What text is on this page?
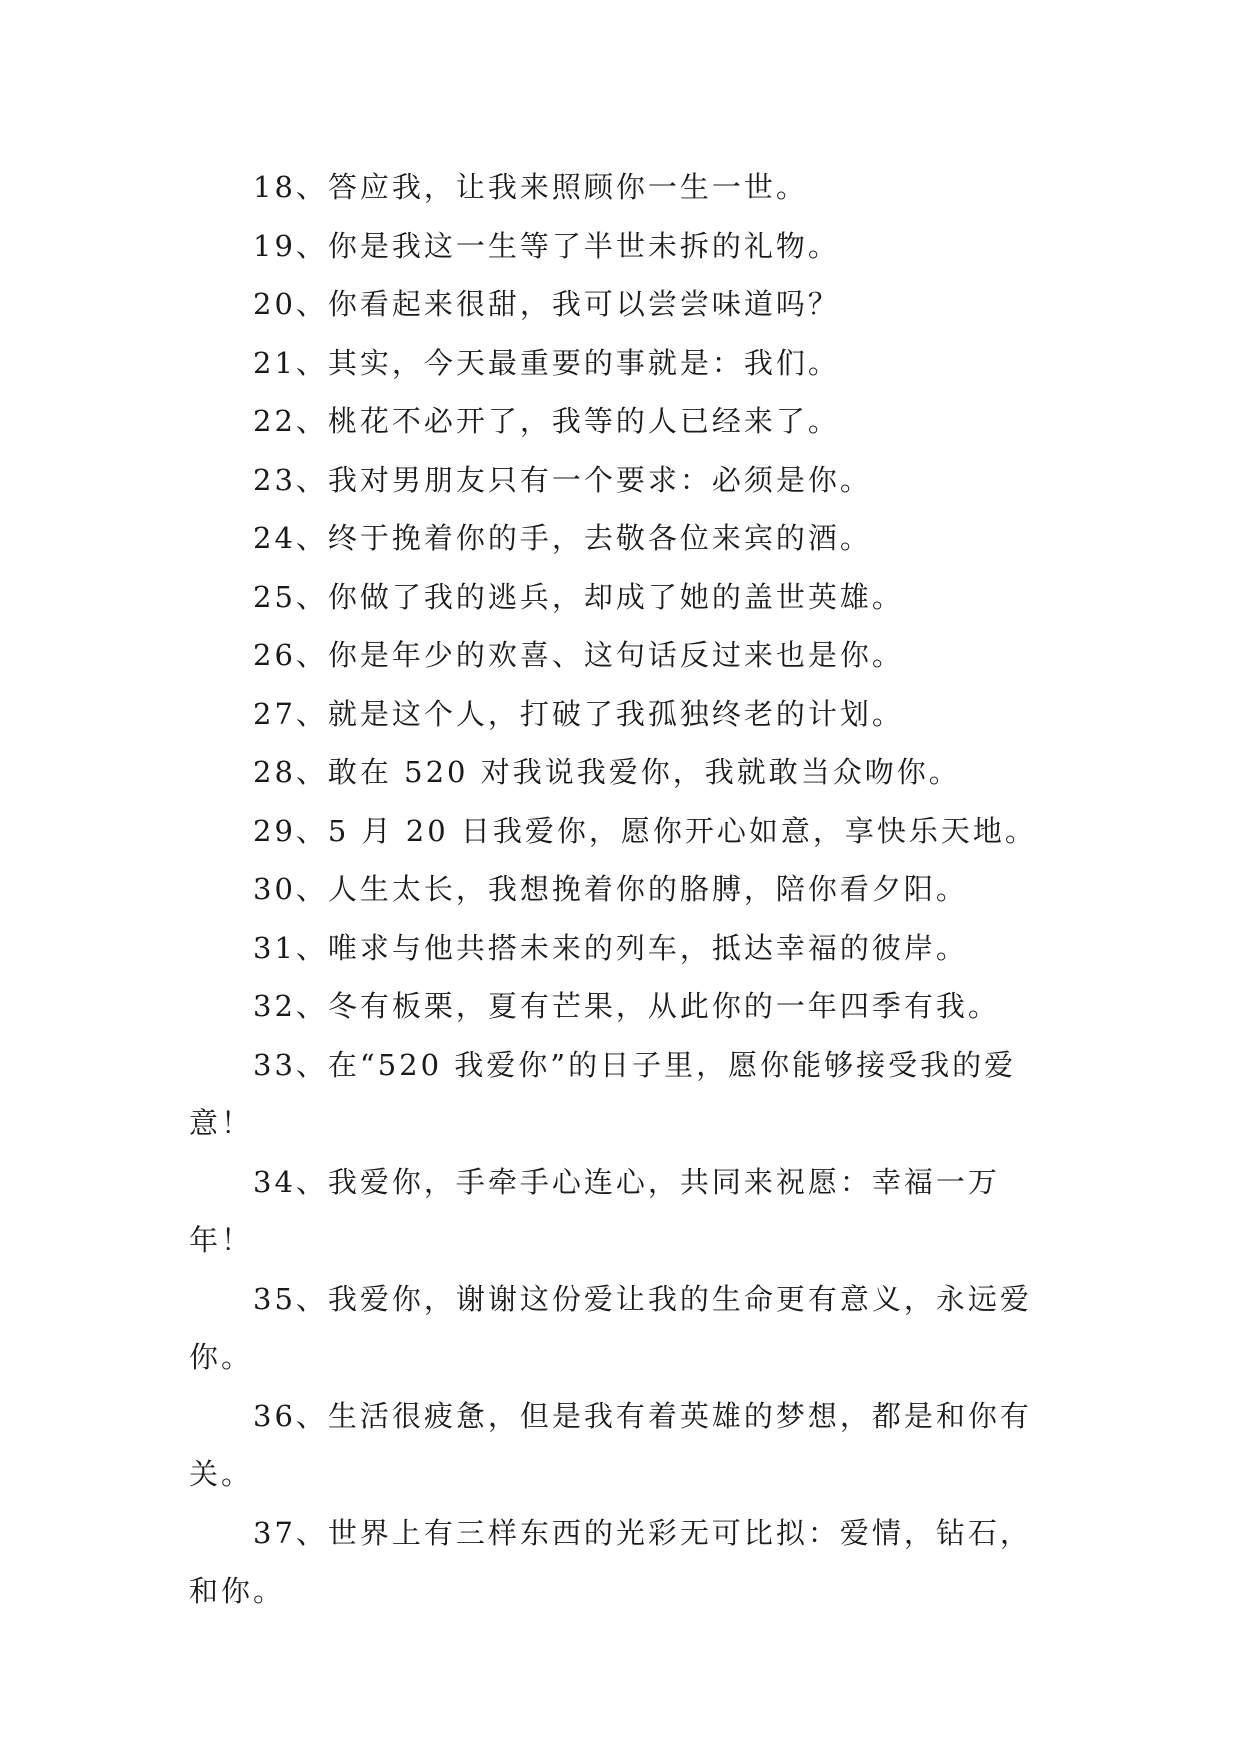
18、答应我，让我来照顾你一生一世。

19、你是我这一生等了半世未拆的礼物。

20、你看起来很甜，我可以尝尝味道吗？

21、其实，今天最重要的事就是：我们。

22、桃花不必开了，我等的人已经来了。

23、我对男朋友只有一个要求：必须是你。

24、终于挽着你的手，去敬各位来宾的酒。

25、你做了我的逃兵，却成了她的盖世英雄。

26、你是年少的欢喜、这句话反过来也是你。

27、就是这个人，打破了我孤独终老的计划。

28、敢在 520 对我说我爱你，我就敢当众吻你。

29、5 月 20 日我爱你，愿你开心如意，享快乐天地。

30、人生太长，我想挽着你的胳膊，陪你看夕阳。

31、唯求与他共搭未来的列车，抵达幸福的彼岸。

32、冬有板栗，夏有芒果，从此你的一年四季有我。

33、在“520 我爱你”的日子里，愿你能够接受我的爱意！

34、我爱你，手牵手心连心，共同来祝愿：幸福一万年！

35、我爱你，谢谢这份爱让我的生命更有意义，永远爱你。

36、生活很疲惫，但是我有着英雄的梦想，都是和你有关。

37、世界上有三样东西的光彩无可比拟：爱情，钻石，和你。
